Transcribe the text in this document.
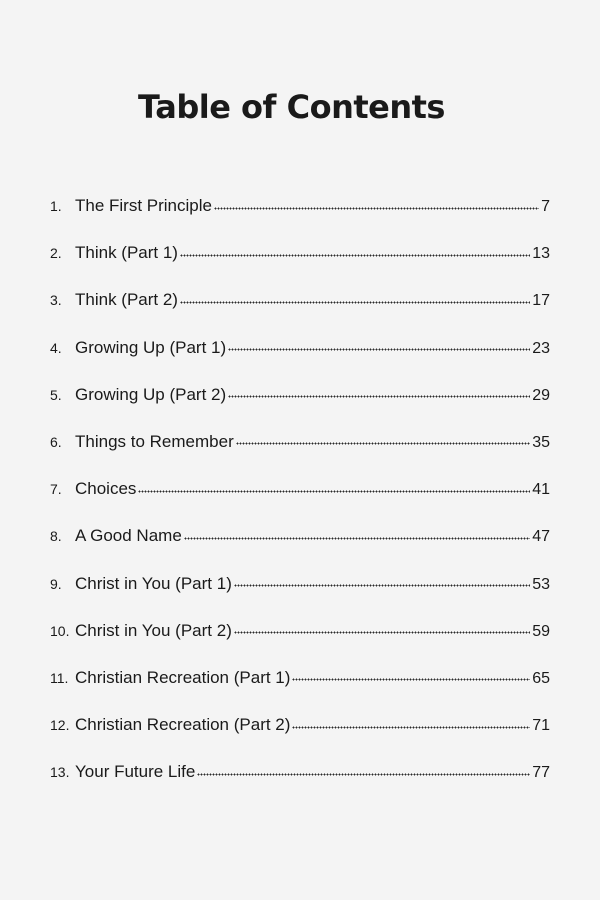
Table of Contents
1. The First Principle	7
2. Think (Part 1)	13
3. Think (Part 2)	17
4. Growing Up (Part 1)	23
5. Growing Up (Part 2)	29
6. Things to Remember	35
7. Choices	41
8. A Good Name	47
9. Christ in You (Part 1)	53
10. Christ in You (Part 2)	59
11. Christian Recreation (Part 1)	65
12. Christian Recreation (Part 2)	71
13. Your Future Life	77
